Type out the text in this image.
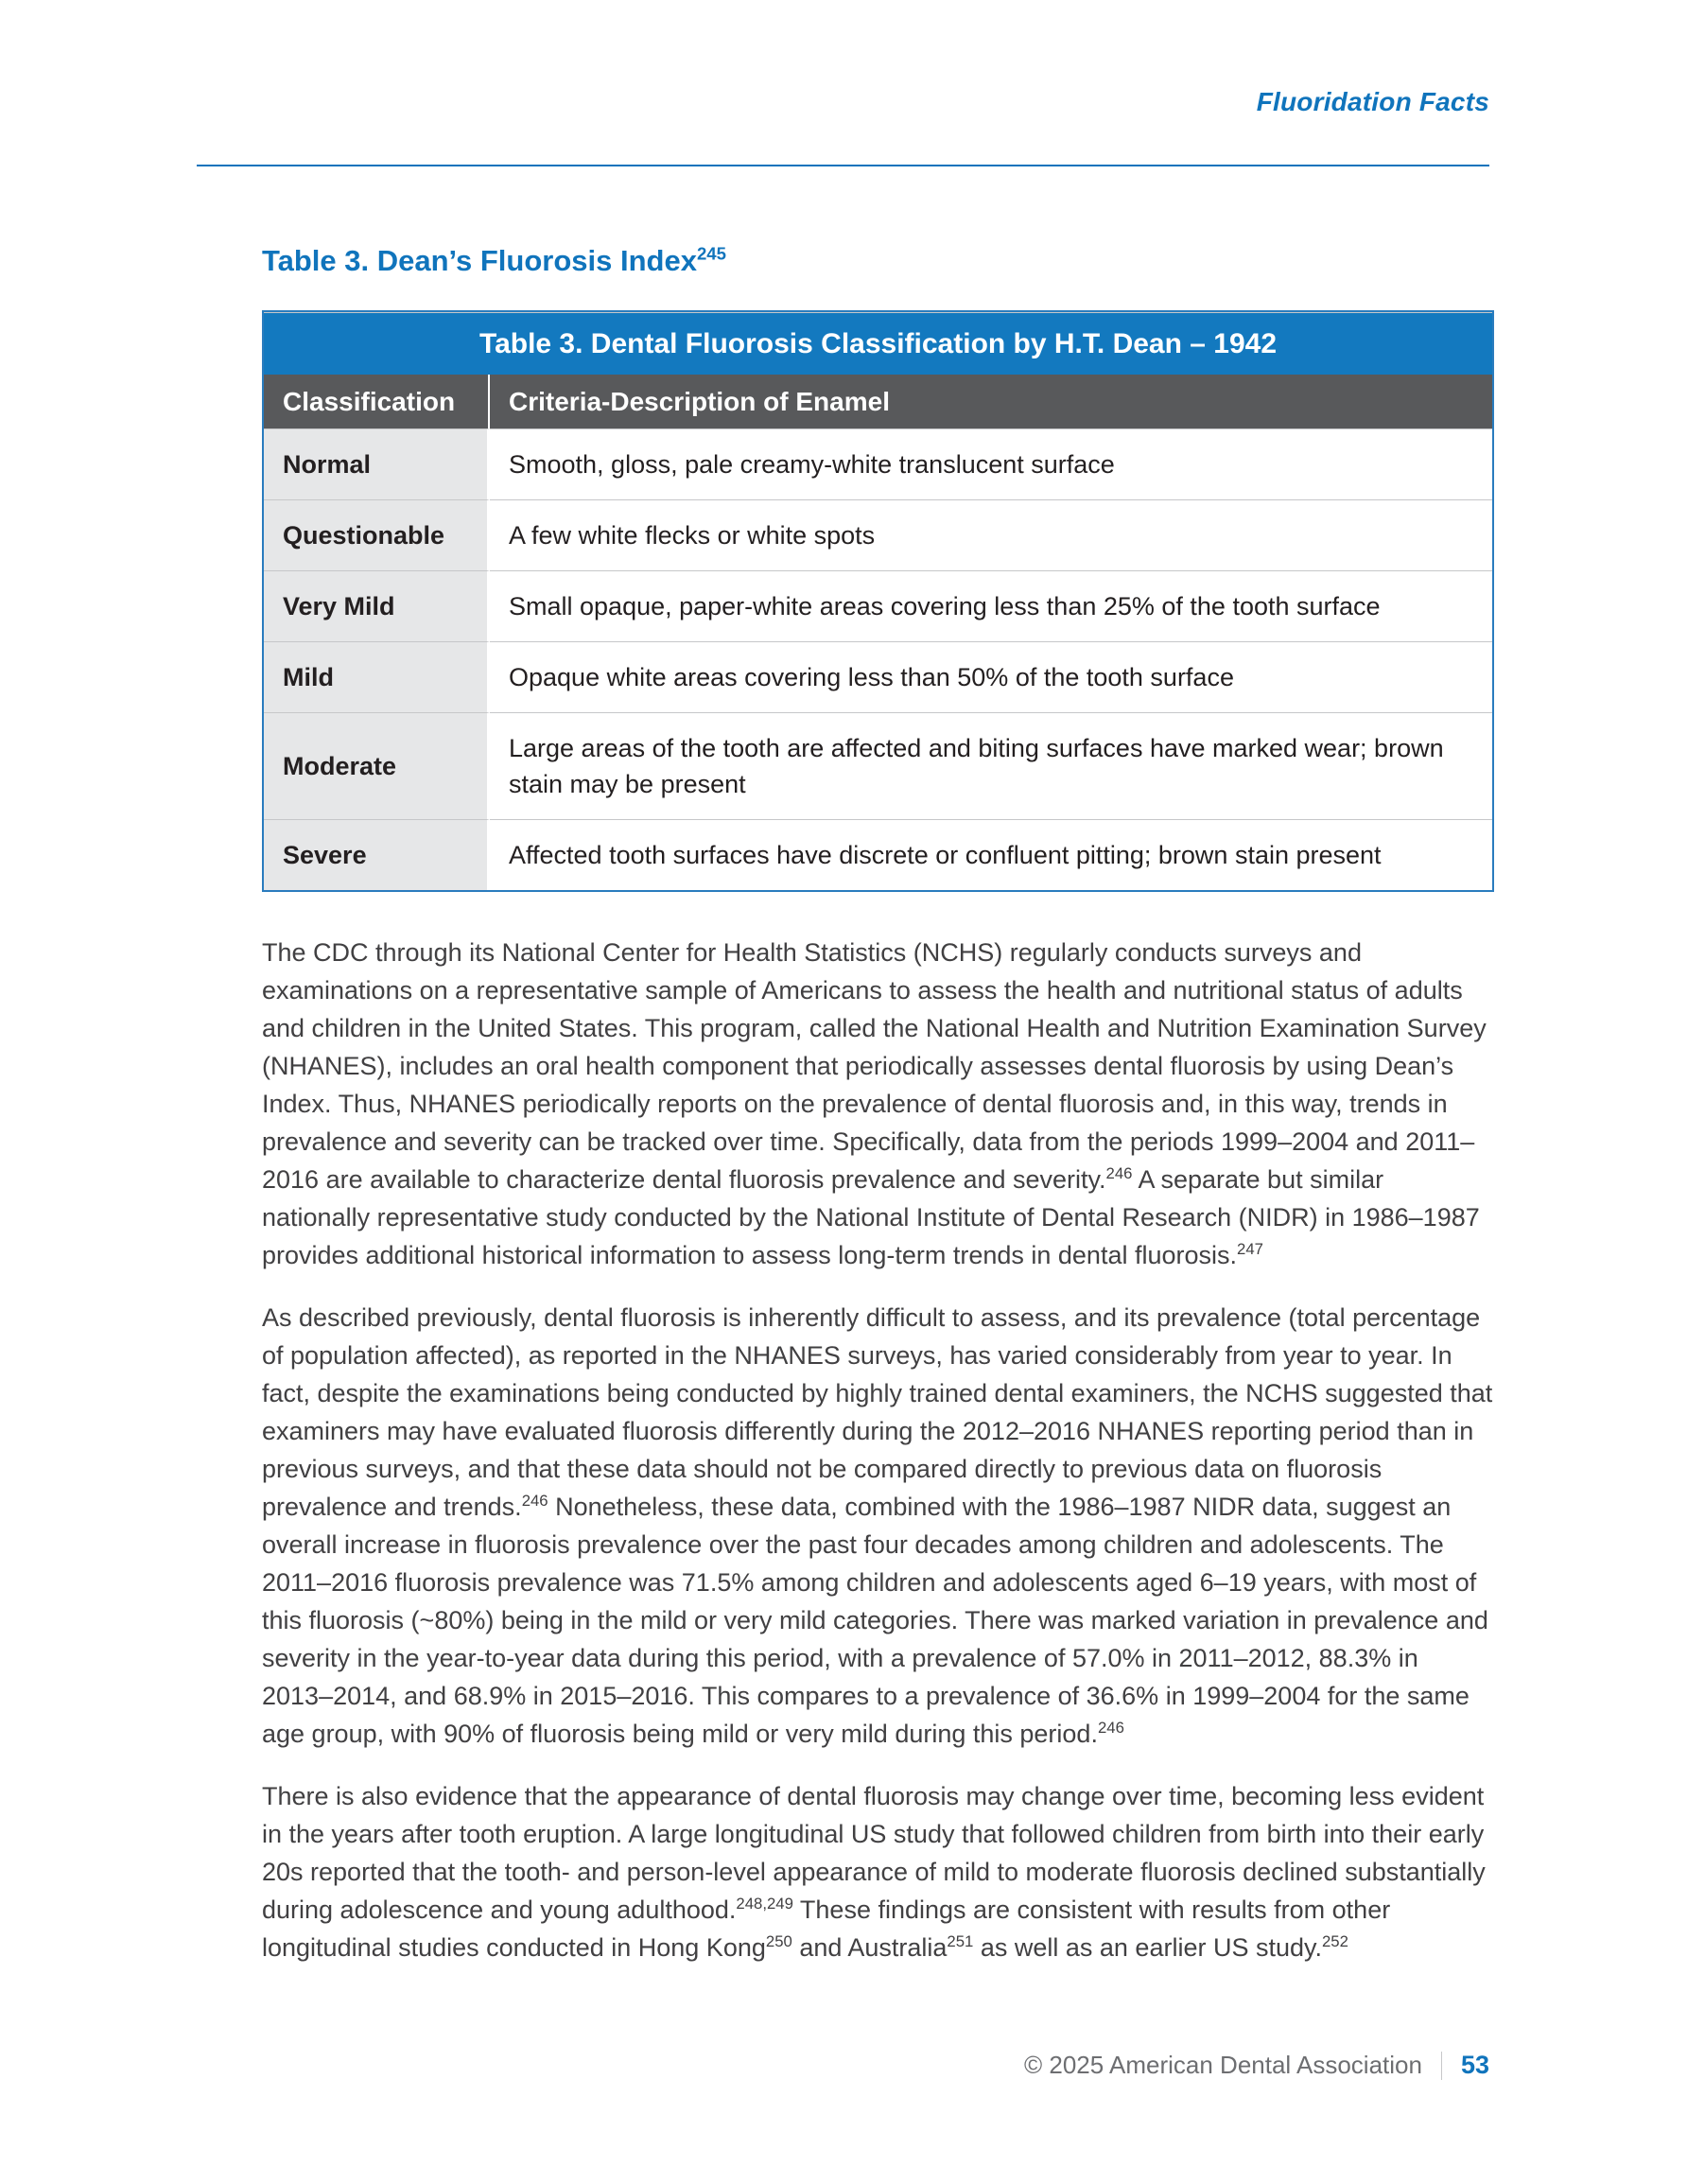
Fluoridation Facts
Table 3. Dean’s Fluorosis Index$^{245}$
Table 3. Dental Fluorosis Classification by H.T. Dean – 1942	
Classification	Criteria-Description of Enamel
Normal	Smooth, gloss, pale creamy-white translucent surface
Questionable	A few white flecks or white spots
Very Mild	Small opaque, paper-white areas covering less than 25% of the tooth surface
Mild	Opaque white areas covering less than 50% of the tooth surface
Moderate	Large areas of the tooth are affected and biting surfaces have marked wear; brown stain may be present
Severe	Affected tooth surfaces have discrete or confluent pitting; brown stain present

The CDC through its National Center for Health Statistics (NCHS) regularly conducts surveys and examinations on a representative sample of Americans to assess the health and nutritional status of adults and children in the United States. This program, called the National Health and Nutrition Examination Survey (NHANES), includes an oral health component that periodically assesses dental fluorosis by using Dean’s Index. Thus, NHANES periodically reports on the prevalence of dental fluorosis and, in this way, trends in prevalence and severity can be tracked over time. Specifically, data from the periods 1999–2004 and 2011–2016 are available to characterize dental fluorosis prevalence and severity.$^{246}$ A separate but similar nationally representative study conducted by the National Institute of Dental Research (NIDR) in 1986–1987 provides additional historical information to assess long-term trends in dental fluorosis.$^{247}$

As described previously, dental fluorosis is inherently difficult to assess, and its prevalence (total percentage of population affected), as reported in the NHANES surveys, has varied considerably from year to year. In fact, despite the examinations being conducted by highly trained dental examiners, the NCHS suggested that examiners may have evaluated fluorosis differently during the 2012–2016 NHANES reporting period than in previous surveys, and that these data should not be compared directly to previous data on fluorosis prevalence and trends.$^{246}$ Nonetheless, these data, combined with the 1986–1987 NIDR data, suggest an overall increase in fluorosis prevalence over the past four decades among children and adolescents. The 2011–2016 fluorosis prevalence was 71.5% among children and adolescents aged 6–19 years, with most of this fluorosis (~80%) being in the mild or very mild categories. There was marked variation in prevalence and severity in the year-to-year data during this period, with a prevalence of 57.0% in 2011–2012, 88.3% in 2013–2014, and 68.9% in 2015–2016. This compares to a prevalence of 36.6% in 1999–2004 for the same age group, with 90% of fluorosis being mild or very mild during this period.$^{246}$

There is also evidence that the appearance of dental fluorosis may change over time, becoming less evident in the years after tooth eruption. A large longitudinal US study that followed children from birth into their early 20s reported that the tooth- and person-level appearance of mild to moderate fluorosis declined substantially during adolescence and young adulthood.$^{248,249}$ These findings are consistent with results from other longitudinal studies conducted in Hong Kong$^{250}$ and Australia$^{251}$ as well as an earlier US study.$^{252}$

© 2025 American Dental Association 53
